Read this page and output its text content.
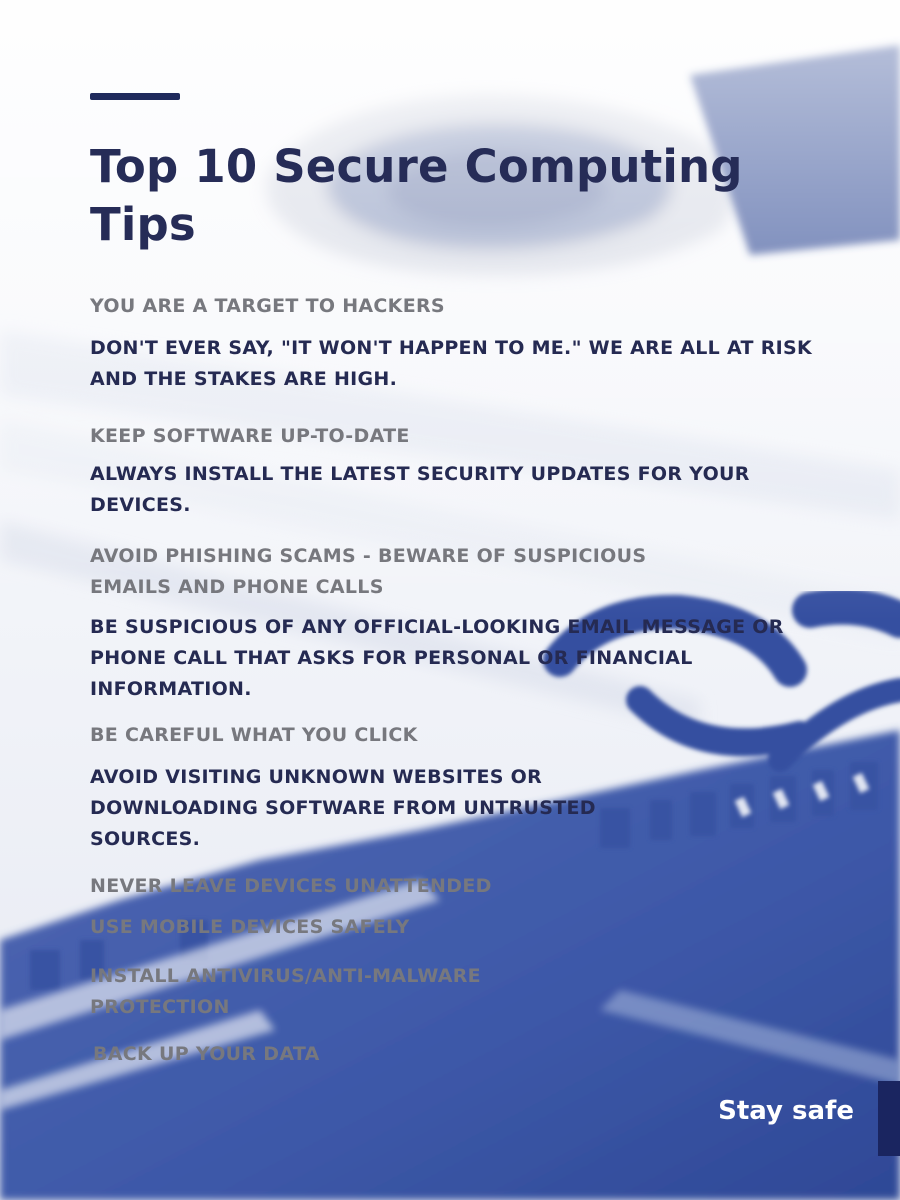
Top 10 Secure Computing Tips

YOU ARE A TARGET TO HACKERS

DON'T EVER SAY, "IT WON'T HAPPEN TO ME." WE ARE ALL AT RISK AND THE STAKES ARE HIGH.

KEEP SOFTWARE UP-TO-DATE

ALWAYS INSTALL THE LATEST SECURITY UPDATES FOR YOUR DEVICES.

AVOID PHISHING SCAMS - BEWARE OF SUSPICIOUS EMAILS AND PHONE CALLS

BE SUSPICIOUS OF ANY OFFICIAL-LOOKING EMAIL MESSAGE OR PHONE CALL THAT ASKS FOR PERSONAL OR FINANCIAL INFORMATION.

BE CAREFUL WHAT YOU CLICK

AVOID VISITING UNKNOWN WEBSITES OR DOWNLOADING SOFTWARE FROM UNTRUSTED SOURCES.

NEVER LEAVE DEVICES UNATTENDED

USE MOBILE DEVICES SAFELY

INSTALL ANTIVIRUS/ANTI-MALWARE PROTECTION

BACK UP YOUR DATA

Stay safe
